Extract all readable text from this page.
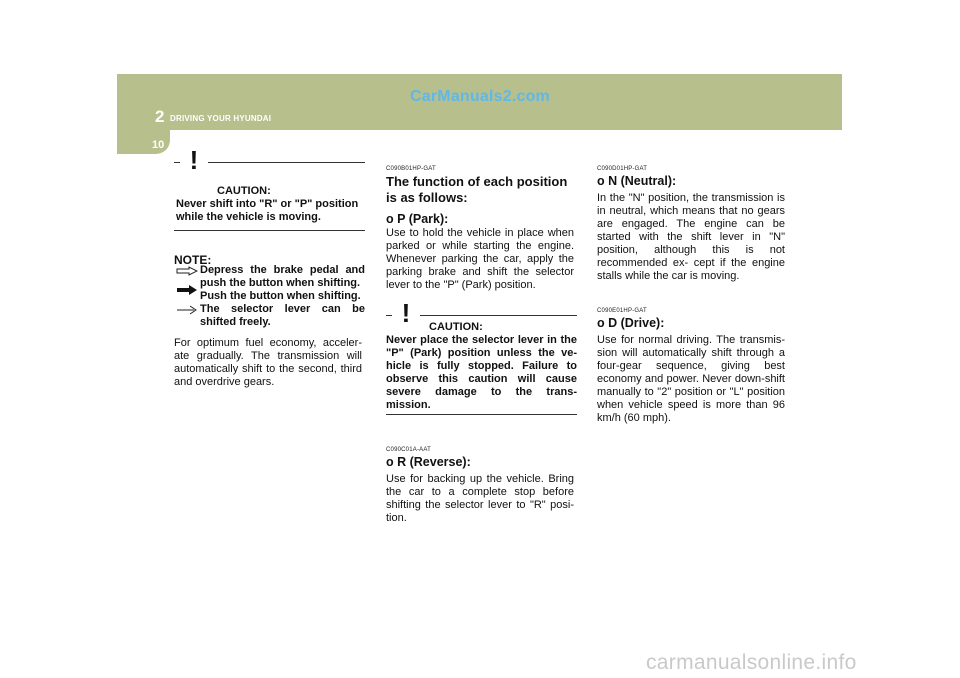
2 DRIVING YOUR HYUNDAI
10
CarManuals2.com
!
CAUTION:
Never shift into "R" or "P" position while the vehicle is moving.
NOTE:
Depress the brake pedal and push the button when shifting.
Push the button when shifting.
The selector lever can be shifted freely.
For optimum fuel economy, acceler- ate gradually. The transmission will automatically shift to the second, third and overdrive gears.
C090B01HP-GAT
The function of each position is as follows:
o P (Park):
Use to hold the vehicle in place when parked or while starting the engine. Whenever parking the car, apply the parking brake and shift the selector lever to the "P" (Park) position.
! CAUTION:
Never place the selector lever in the "P" (Park) position unless the ve- hicle is fully stopped. Failure to observe this caution will cause severe damage to the trans- mission.
C090C01A-AAT
o R (Reverse):
Use for backing up the vehicle. Bring the car to a complete stop before shifting the selector lever to "R" posi- tion.
C090D01HP-GAT
o N (Neutral):
In the "N" position, the transmission is in neutral, which means that no gears are engaged. The engine can be started with the shift lever in "N" position, although this is not recommended ex- cept if the engine stalls while the car is moving.
C090E01HP-GAT
o D (Drive):
Use for normal driving. The transmis- sion will automatically shift through a four-gear sequence, giving best economy and power. Never down-shift manually to "2" position or "L" position when vehicle speed is more than 96 km/h (60 mph).
carmanualsonline.info
